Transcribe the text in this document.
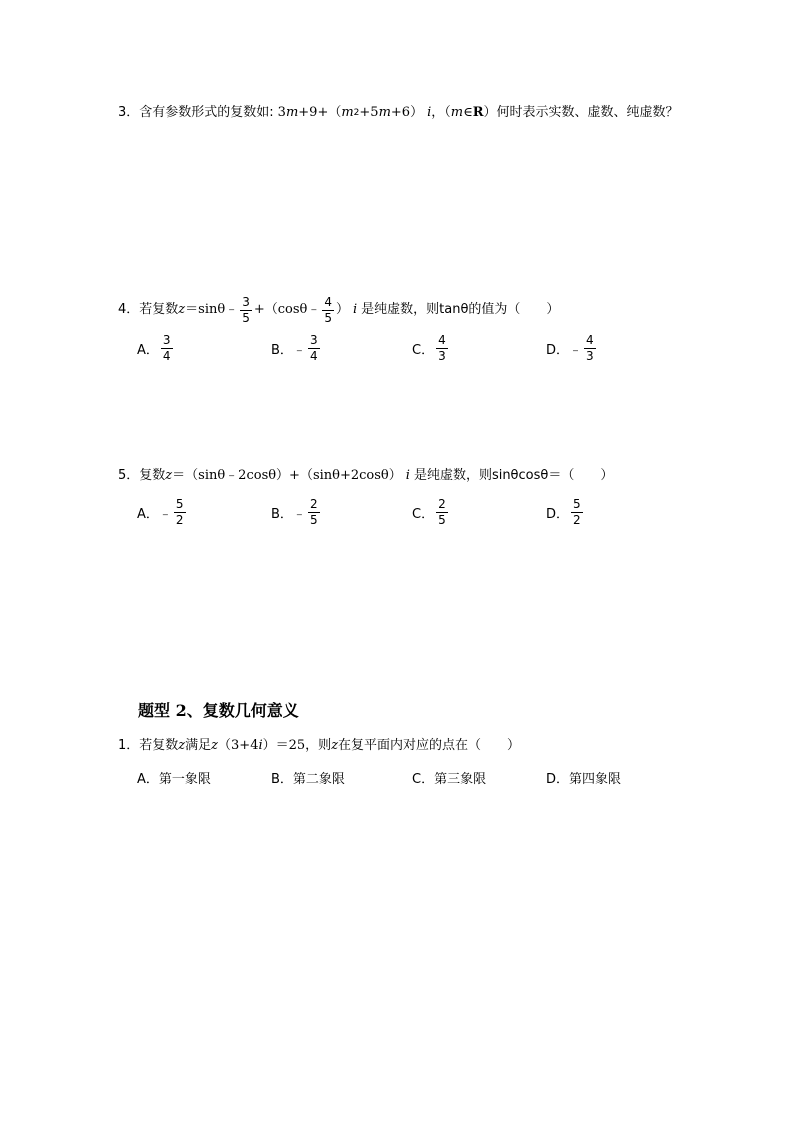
3． 含有参数形式的复数如: 3 m +9+（ m 2 +5 m +6） i ，（ m ∈ R ）何时表示实数、虚数、纯虚数？
4． 若复数 z ＝sinθ﹣ $\frac{3}{5}$ +（cosθ﹣ $\frac{4}{5}$ ） i 是纯虚数，则tanθ的值为（　　）
A． $\frac{3}{4}$	B． ﹣ $\frac{3}{4}$	C． $\frac{4}{3}$	D． ﹣ $\frac{4}{3}$
5． 复数 z ＝（sinθ﹣2cosθ）+（sinθ+2cosθ） i 是纯虚数，则sinθcosθ＝（　　）
A． ﹣ $\frac{5}{2}$	B． ﹣ $\frac{2}{5}$	C． $\frac{2}{5}$	D． $\frac{5}{2}$
题型 2、复数几何意义
1． 若复数 z 满足 z （3+4 i ）＝25，则 z 在复平面内对应的点在（　　）
A． 第一象限	B． 第二象限	C． 第三象限	D． 第四象限
